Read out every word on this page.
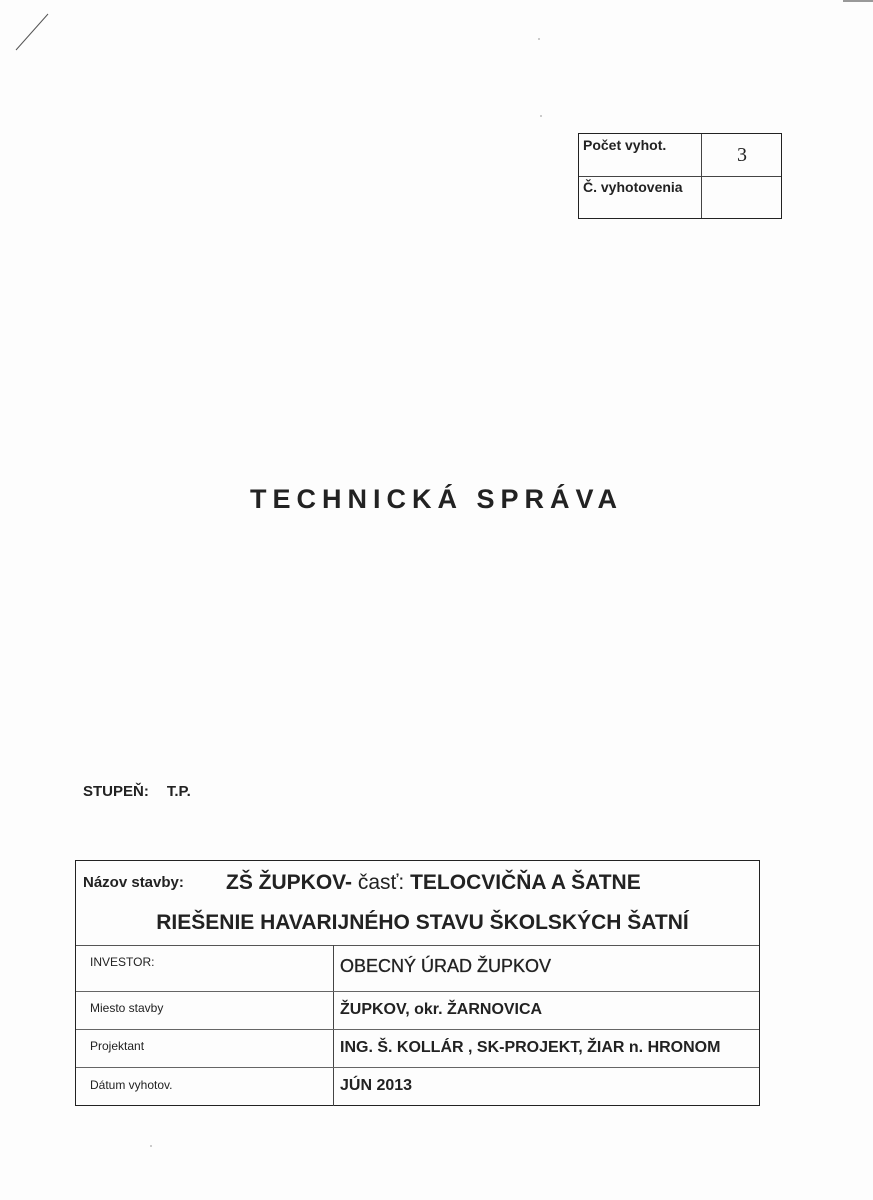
Počet vyhot.	3
Č. vyhotovenia
TECHNICKÁ SPRÁVA
STUPEŇ: T.P.
Názov stavby: ZŠ ŽUPKOV- časť: TELOCVIČŇA A ŠATNE
RIEŠENIE HAVARIJNÉHO STAVU ŠKOLSKÝCH ŠATNÍ
INVESTOR:	OBECNÝ ÚRAD ŽUPKOV
Miesto stavby	ŽUPKOV, okr. ŽARNOVICA
Projektant	ING. Š. KOLLÁR , SK-PROJEKT, ŽIAR n. HRONOM
Dátum vyhotov.	JÚN 2013
